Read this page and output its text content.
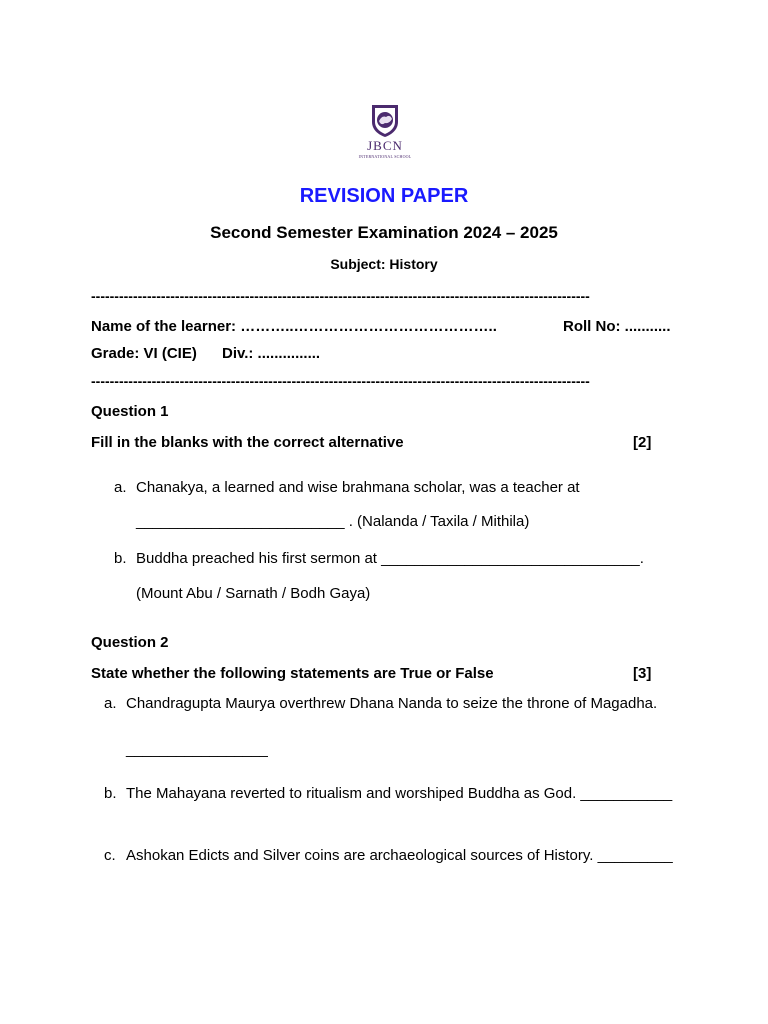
JBCN
INTERNATIONAL SCHOOL
REVISION PAPER
Second Semester Examination 2024 – 2025
Subject: History
-----------------------------------------------------------------------------------------------------------
Name of the learner: ………..…………………………………..	Roll No: ...........
Grade: VI (CIE) Div.: ...............
-----------------------------------------------------------------------------------------------------------
Question 1
Fill in the blanks with the correct alternative	[2]
a. Chanakya, a learned and wise brahmana scholar, was a teacher at
_________________________ . (Nalanda / Taxila / Mithila)
b. Buddha preached his first sermon at _______________________________.
(Mount Abu / Sarnath / Bodh Gaya)
Question 2
State whether the following statements are True or False	[3]
a. Chandragupta Maurya overthrew Dhana Nanda to seize the throne of Magadha.
_________________
b. The Mahayana reverted to ritualism and worshiped Buddha as God. ___________
c. Ashokan Edicts and Silver coins are archaeological sources of History. _________
